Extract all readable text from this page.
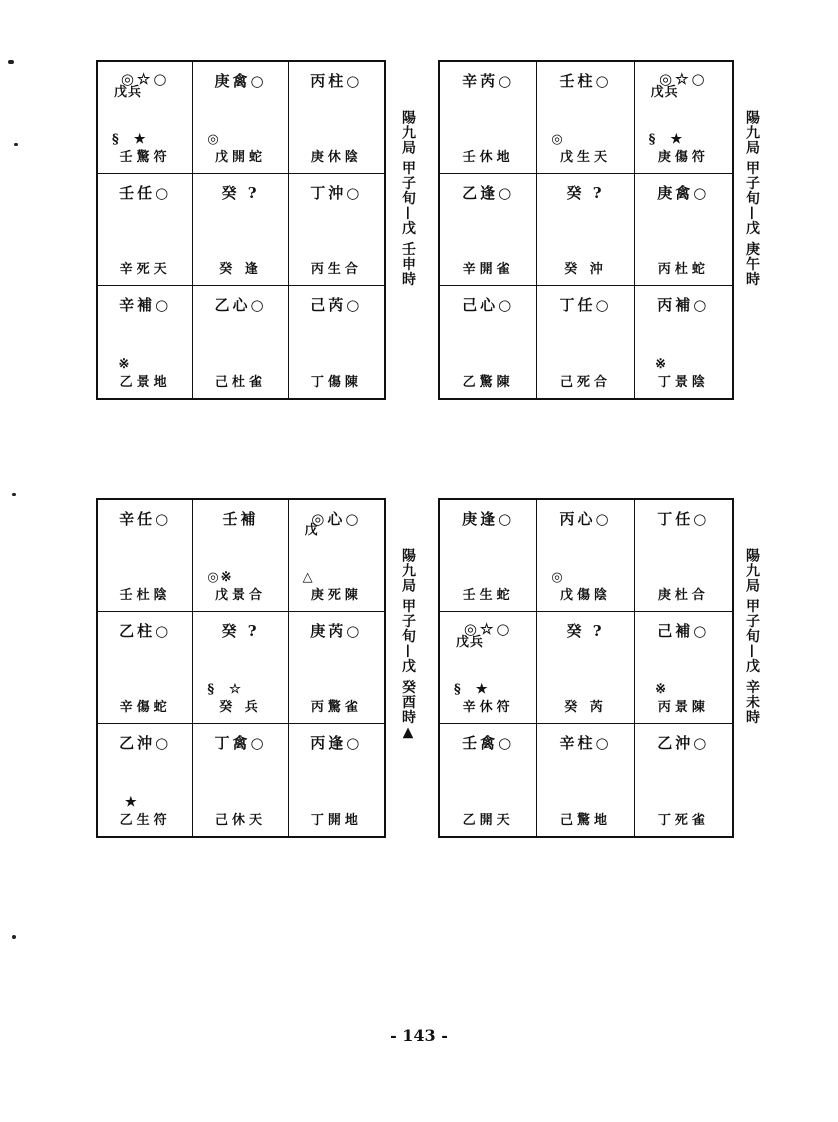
◎☆○
戊兵
§  ★
壬驚符
庚禽○
◎
戊開蛇
丙柱○
庚休陰
壬任○
辛死天
癸 ?
癸 逢
丁沖○
丙生合
辛補○
※
乙景地
乙心○
己杜雀
己芮○
丁傷陳
陽九局 甲子旬—戊 壬申時
辛芮○
壬休地
壬柱○
◎
戊生天
◎☆○
戊兵
§  ★
庚傷符
乙逢○
辛開雀
癸 ?
癸 沖
庚禽○
丙杜蛇
己心○
乙驚陳
丁任○
己死合
丙補○
※
丁景陰
陽九局 甲子旬—戊 庚午時
辛任○
壬杜陰
壬補
◎※
戊景合
◎心○
戊
△
庚死陳
乙柱○
辛傷蛇
癸 ?
§  ☆
癸 兵
庚芮○
丙驚雀
乙沖○
★
乙生符
丁禽○
己休天
丙逢○
丁開地
陽九局 甲子旬—戊 癸酉時▲
庚逢○
壬生蛇
丙心○
◎
戊傷陰
丁任○
庚杜合
◎☆○
戊兵
§  ★
辛休符
癸 ?
癸 芮
己補○
※
丙景陳
壬禽○
乙開天
辛柱○
己驚地
乙沖○
丁死雀
陽九局 甲子旬—戊 辛未時
- 143 -
